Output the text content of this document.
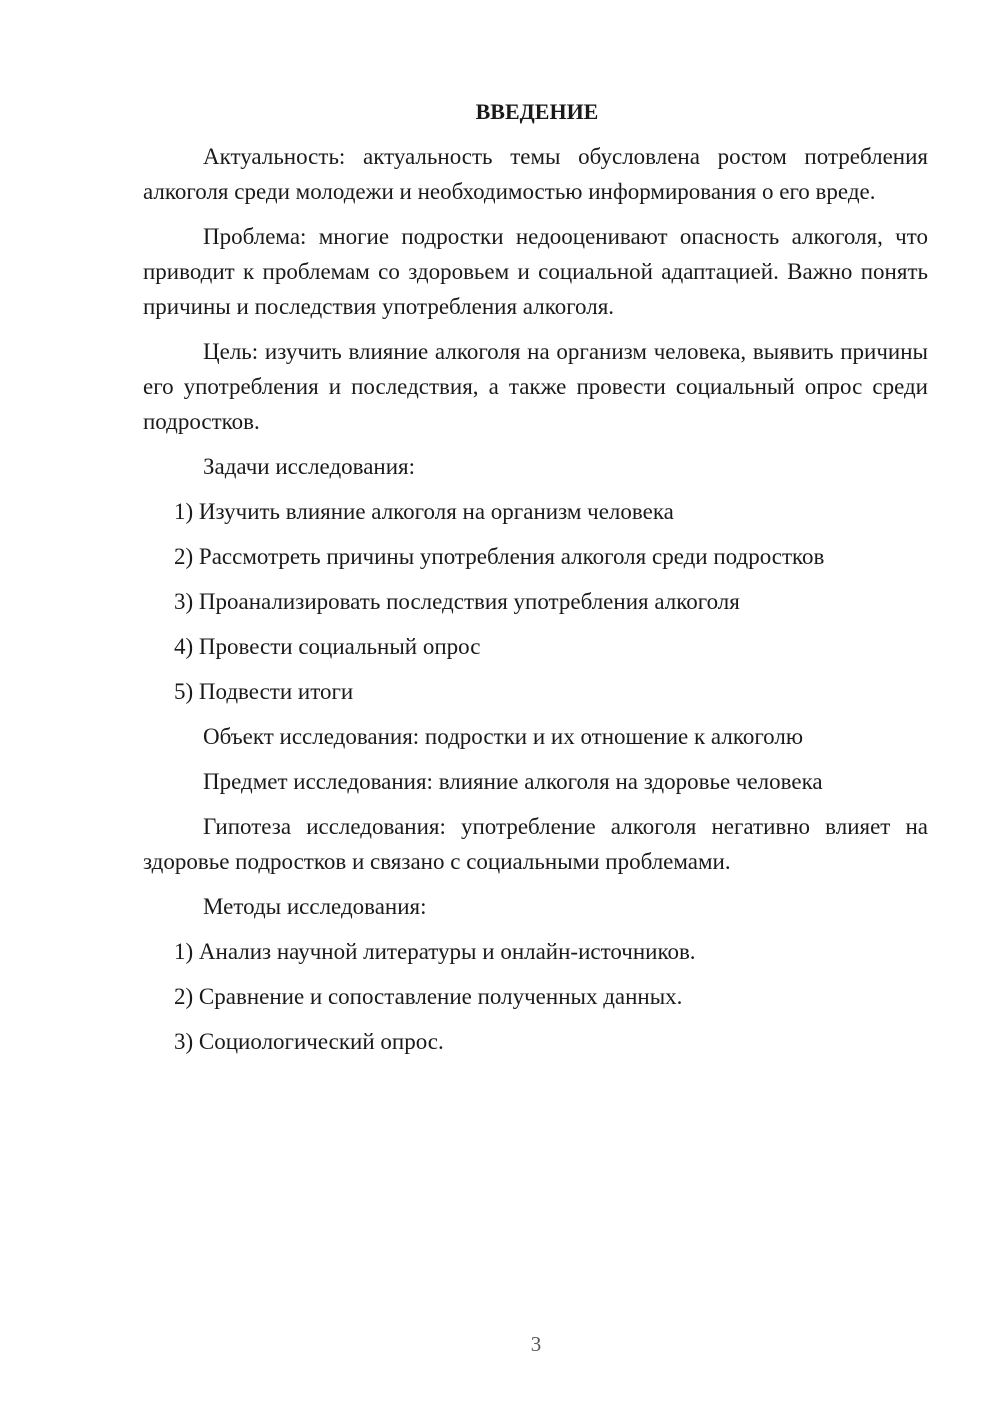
ВВЕДЕНИЕ

Актуальность: актуальность темы обусловлена ростом потребления алкоголя среди молодежи и необходимостью информирования о его вреде.

Проблема: многие подростки недооценивают опасность алкоголя, что приводит к проблемам со здоровьем и социальной адаптацией. Важно понять причины и последствия употребления алкоголя.

Цель: изучить влияние алкоголя на организм человека, выявить причины его употребления и последствия, а также провести социальный опрос среди подростков.

Задачи исследования:
1) Изучить влияние алкоголя на организм человека
2) Рассмотреть причины употребления алкоголя среди подростков
3) Проанализировать последствия употребления алкоголя
4) Провести социальный опрос
5) Подвести итоги
Объект исследования: подростки и их отношение к алкоголю
Предмет исследования: влияние алкоголя на здоровье человека

Гипотеза исследования: употребление алкоголя негативно влияет на здоровье подростков и связано с социальными проблемами.

Методы исследования:
1) Анализ научной литературы и онлайн-источников.
2) Сравнение и сопоставление полученных данных.
3) Социологический опрос.
3
